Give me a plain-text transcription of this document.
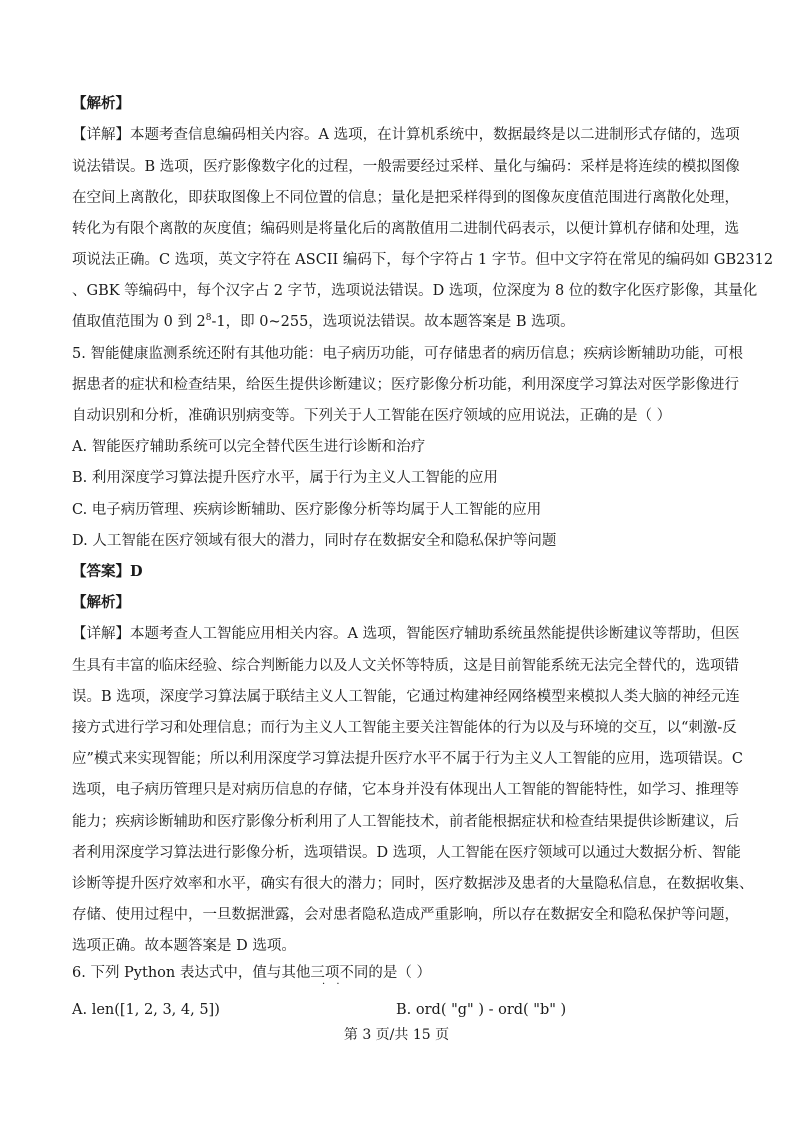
【解析】
【详解】本题考查信息编码相关内容。A 选项，在计算机系统中，数据最终是以二进制形式存储的，选项
说法错误。B 选项，医疗影像数字化的过程，一般需要经过采样、量化与编码：采样是将连续的模拟图像
在空间上离散化，即获取图像上不同位置的信息；量化是把采样得到的图像灰度值范围进行离散化处理，
转化为有限个离散的灰度值；编码则是将量化后的离散值用二进制代码表示，以便计算机存储和处理，选
项说法正确。C 选项，英文字符在 ASCII 编码下，每个字符占 1 字节。但中文字符在常见的编码如 GB2312
、GBK 等编码中，每个汉字占 2 字节，选项说法错误。D 选项，位深度为 8 位的数字化医疗影像，其量化
值取值范围为 0 到 $2^8-1$，即 0~255，选项说法错误。故本题答案是 B 选项。
5. 智能健康监测系统还附有其他功能：电子病历功能，可存储患者的病历信息；疾病诊断辅助功能，可根
据患者的症状和检查结果，给医生提供诊断建议；医疗影像分析功能，利用深度学习算法对医学影像进行
自动识别和分析，准确识别病变等。下列关于人工智能在医疗领域的应用说法，正确的是（ ）
A. 智能医疗辅助系统可以完全替代医生进行诊断和治疗
B. 利用深度学习算法提升医疗水平，属于行为主义人工智能的应用
C. 电子病历管理、疾病诊断辅助、医疗影像分析等均属于人工智能的应用
D. 人工智能在医疗领域有很大的潜力，同时存在数据安全和隐私保护等问题
【答案】D
【解析】
【详解】本题考查人工智能应用相关内容。A 选项，智能医疗辅助系统虽然能提供诊断建议等帮助，但医
生具有丰富的临床经验、综合判断能力以及人文关怀等特质，这是目前智能系统无法完全替代的，选项错
误。B 选项，深度学习算法属于联结主义人工智能，它通过构建神经网络模型来模拟人类大脑的神经元连
接方式进行学习和处理信息；而行为主义人工智能主要关注智能体的行为以及与环境的交互，以“刺激-反
应”模式来实现智能；所以利用深度学习算法提升医疗水平不属于行为主义人工智能的应用，选项错误。C
选项，电子病历管理只是对病历信息的存储，它本身并没有体现出人工智能的智能特性，如学习、推理等
能力；疾病诊断辅助和医疗影像分析利用了人工智能技术，前者能根据症状和检查结果提供诊断建议，后
者利用深度学习算法进行影像分析，选项错误。D 选项，人工智能在医疗领域可以通过大数据分析、智能
诊断等提升医疗效率和水平，确实有很大的潜力；同时，医疗数据涉及患者的大量隐私信息，在数据收集、
存储、使用过程中，一旦数据泄露，会对患者隐私造成严重影响，所以存在数据安全和隐私保护等问题，
选项正确。故本题答案是 D 选项。
6. 下列 Python 表达式中，值与其他三项不同的是（ ）
· ·
A. len([1, 2, 3, 4, 5])	B. ord( "g" ) - ord( "b" )
第 3 页/共 15 页
